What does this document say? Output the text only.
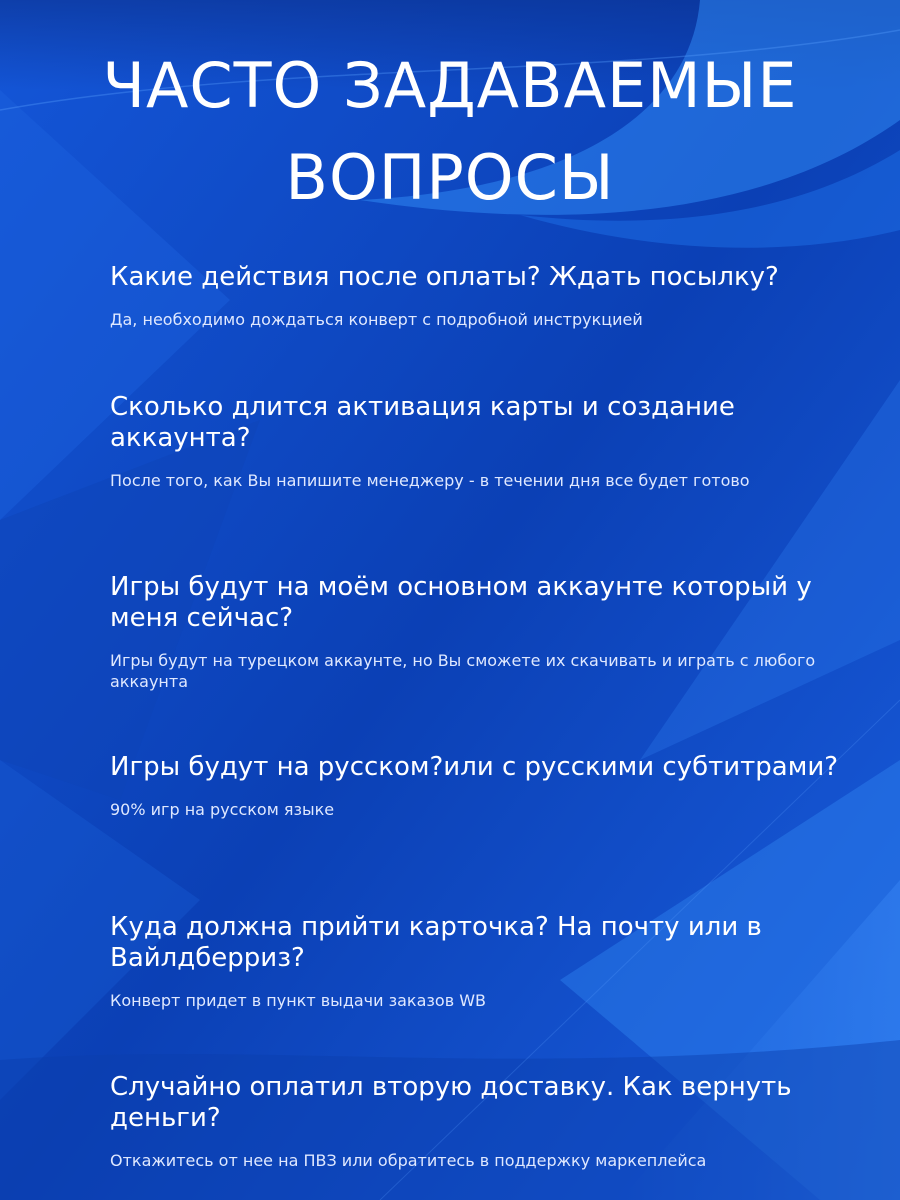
ЧАСТО ЗАДАВАЕМЫЕ
ВОПРОСЫ

Какие действия после оплаты? Ждать посылку?

Да, необходимо дождаться конверт с подробной инструкцией

Сколько длится активация карты и создание аккаунта?

После того, как Вы напишите менеджеру - в течении дня все будет готово

Игры будут на моём основном аккаунте который у меня сейчас?

Игры будут на турецком аккаунте, но Вы сможете их скачивать и играть с любого аккаунта

Игры будут на русском?или с русскими субтитрами?

90% игр на русском языке

Куда должна прийти карточка? На почту или в Вайлдберриз?

Конверт придет в пункт выдачи заказов WB

Случайно оплатил вторую доставку. Как вернуть деньги?

Откажитесь от нее на ПВЗ или обратитесь в поддержку маркеплейса
